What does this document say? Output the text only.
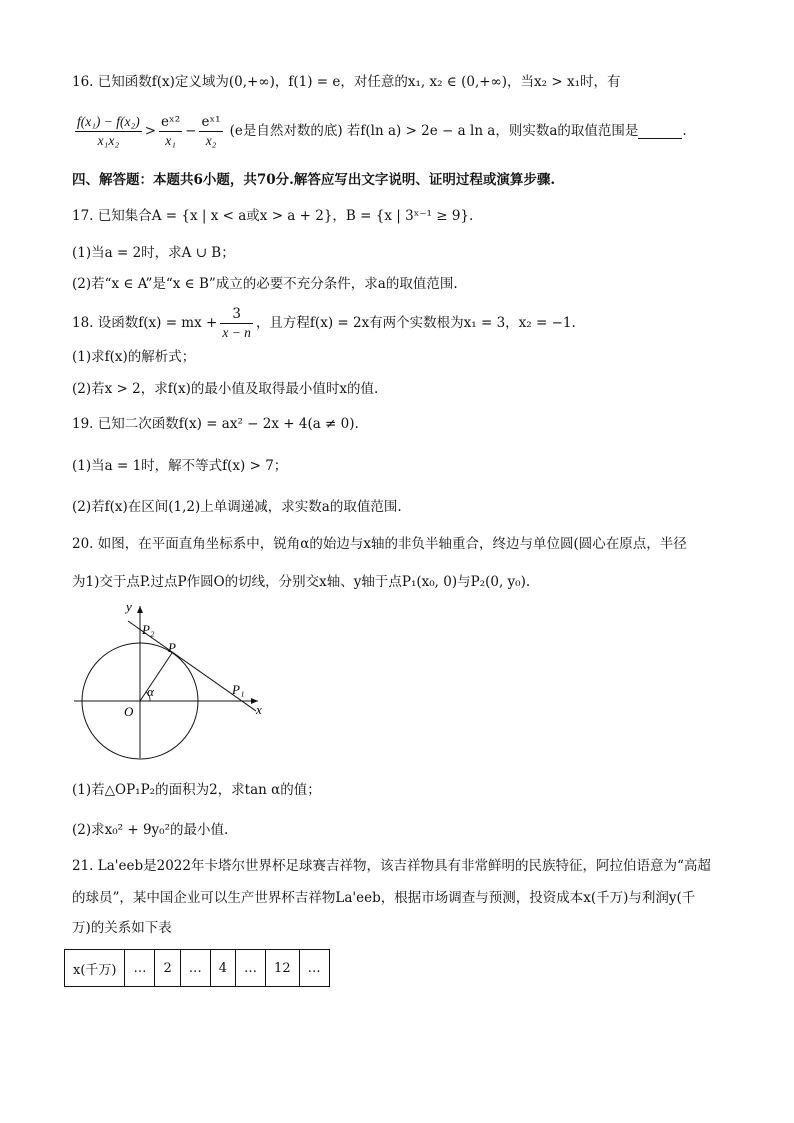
16. 已知函数f(x)定义域为(0,+∞)，f(1) = e，对任意的x₁, x₂ ∈ (0,+∞)，当x₂ > x₁时，有
$\frac{\text{f(x₁) − f(x₂)}}{\text{x₁x₂}} > \frac{\text{eˣ²}}{\text{x₁}} - \frac{\text{eˣ¹}}{\text{x₂}} (e$是自然对数的底) 若f(ln a) > 2e − a ln a，则实数a的取值范围是	.
四、解答题：本题共6小题，共70分.解答应写出文字说明、证明过程或演算步骤.
17. 已知集合A = {x | x < a或x > a + 2}，B = {x | 3ˣ⁻¹ ≥ 9}.
(1)当a = 2时，求A ∪ B；
(2)若“x ∈ A”是“x ∈ B”成立的必要不充分条件，求a的取值范围.
18. 设函数f(x) = mx + $\frac{3}{x - n}$ ，且方程f(x) = 2x有两个实数根为x₁ = 3，x₂ = −1.
(1)求f(x)的解析式；
(2)若x > 2，求f(x)的最小值及取得最小值时x的值.
19. 已知二次函数f(x) = ax² − 2x + 4(a ≠ 0).
(1)当a = 1时，解不等式f(x) > 7；
(2)若f(x)在区间(1,2)上单调递减，求实数a的取值范围.
20. 如图，在平面直角坐标系中，锐角α的始边与x轴的非负半轴重合，终边与单位圆(圆心在原点，半径
为1)交于点P.过点P作圆O的切线，分别交x轴、y轴于点P₁(x₀, 0)与P₂(0, y₀).
y
x
O
P
P₁
P₂
α
(1)若△OP₁P₂的面积为2，求tan α的值；
(2)求x₀² + 9y₀²的最小值.
21. La'eeb是2022年卡塔尔世界杯足球赛吉祥物，该吉祥物具有非常鲜明的民族特征，阿拉伯语意为“高超
的球员”，某中国企业可以生产世界杯吉祥物La'eeb，根据市场调查与预测，投资成本x(千万)与利润y(千
万)的关系如下表
x(千万)	…	2	…	4	…	12	…
